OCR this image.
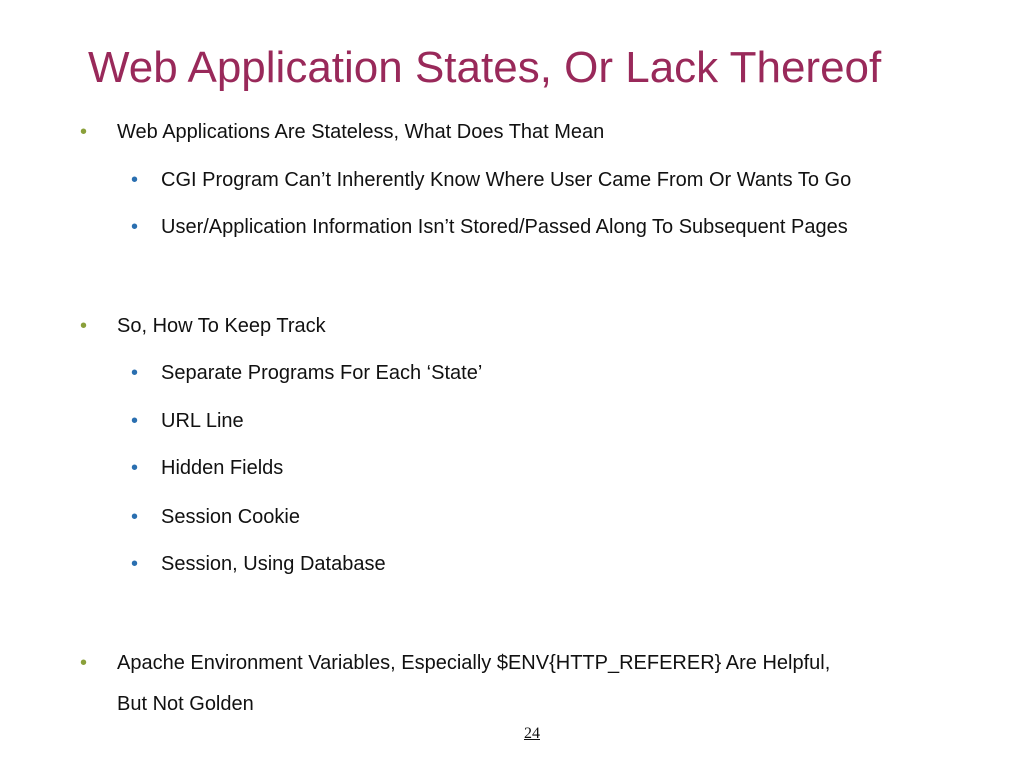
Web Application States, Or Lack Thereof
• Web Applications Are Stateless, What Does That Mean
• CGI Program Can’t Inherently Know Where User Came From Or Wants To Go
• User/Application Information Isn’t Stored/Passed Along To Subsequent Pages
• So, How To Keep Track
• Separate Programs For Each ‘State’
• URL Line
• Hidden Fields
• Session Cookie
• Session, Using Database
• Apache Environment Variables, Especially $ENV{HTTP_REFERER} Are Helpful,
But Not Golden
24
